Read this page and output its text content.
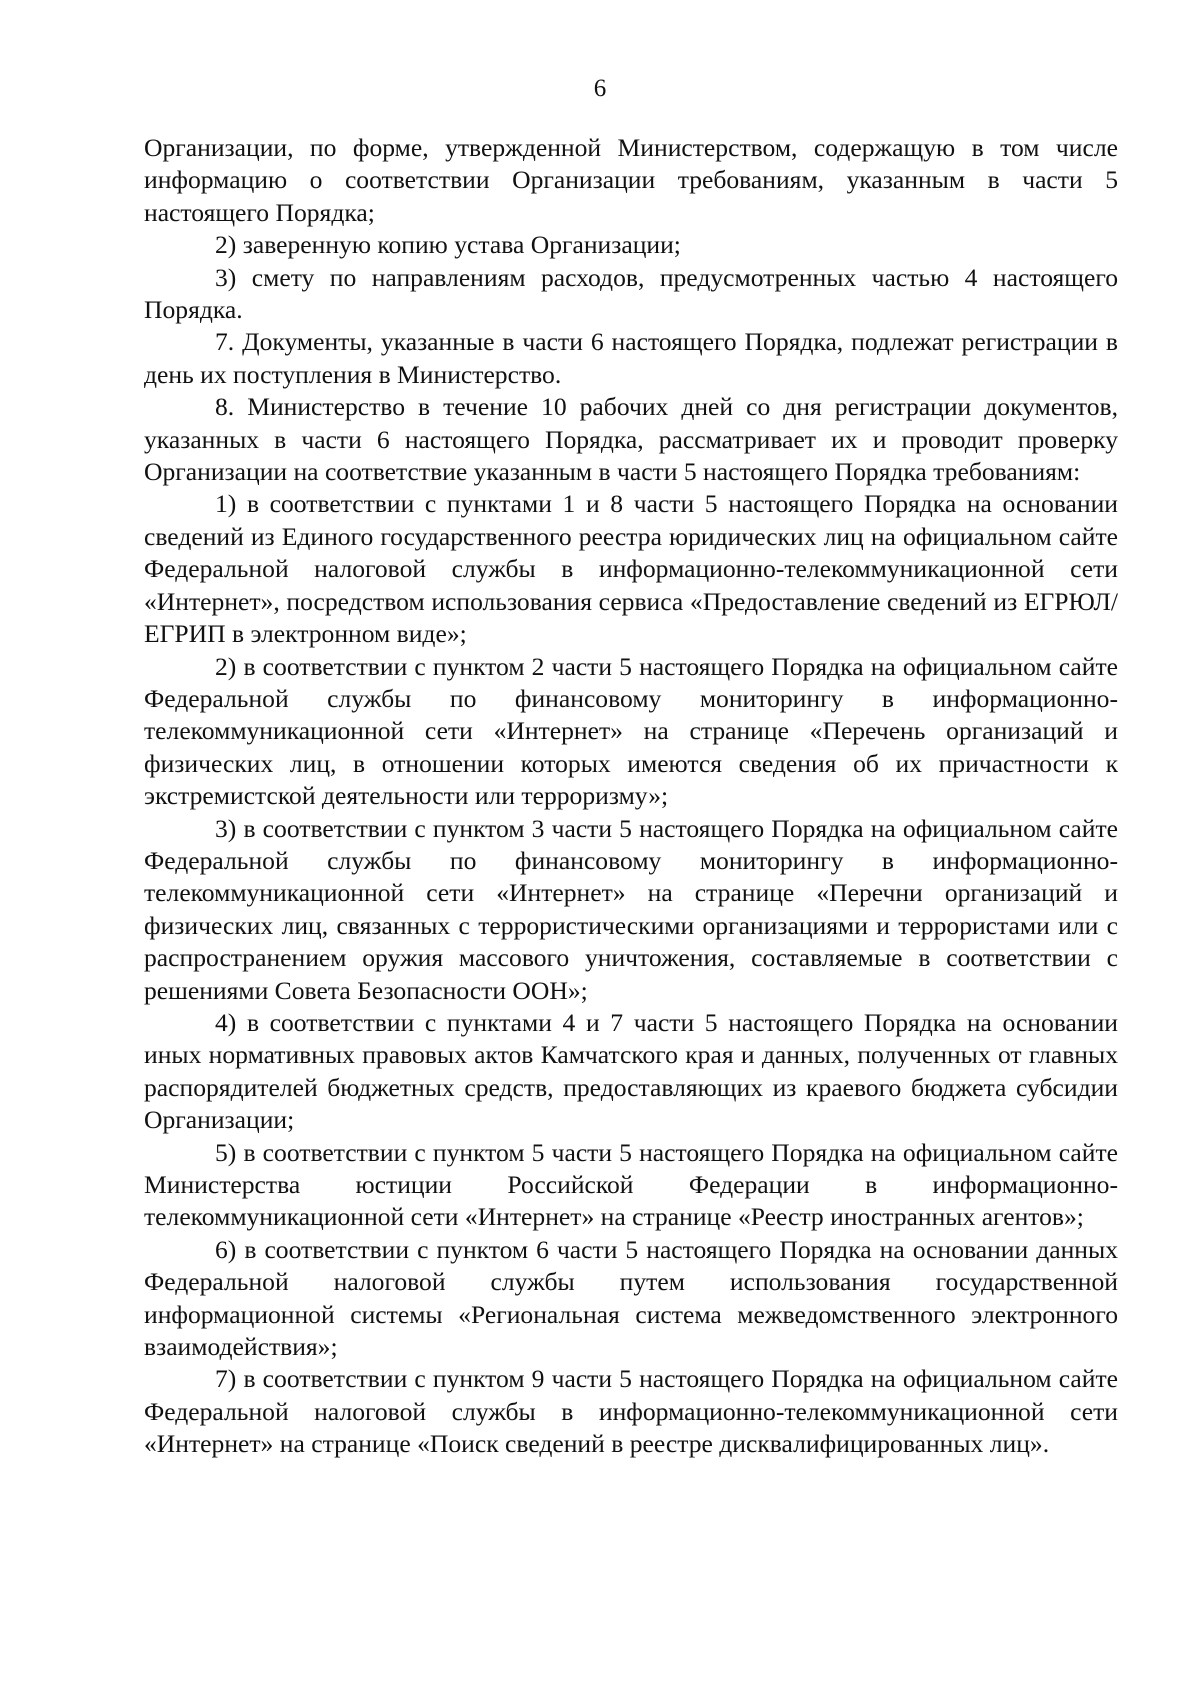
6

Организации, по форме, утвержденной Министерством, содержащую в том числе информацию о соответствии Организации требованиям, указанным в части 5 настоящего Порядка;

2) заверенную копию устава Организации;

3) смету по направлениям расходов, предусмотренных частью 4 настоящего Порядка.

7. Документы, указанные в части 6 настоящего Порядка, подлежат регистрации в день их поступления в Министерство.

8. Министерство в течение 10 рабочих дней со дня регистрации документов, указанных в части 6 настоящего Порядка, рассматривает их и проводит проверку Организации на соответствие указанным в части 5 настоящего Порядка требованиям:

1) в соответствии с пунктами 1 и 8 части 5 настоящего Порядка на основании сведений из Единого государственного реестра юридических лиц на официальном сайте Федеральной налоговой службы в информационно-телекоммуникационной сети «Интернет», посредством использования сервиса «Предоставление сведений из ЕГРЮЛ/ЕГРИП в электронном виде»;

2) в соответствии с пунктом 2 части 5 настоящего Порядка на официальном сайте Федеральной службы по финансовому мониторингу в информационно-телекоммуникационной сети «Интернет» на странице «Перечень организаций и физических лиц, в отношении которых имеются сведения об их причастности к экстремистской деятельности или терроризму»;

3) в соответствии с пунктом 3 части 5 настоящего Порядка на официальном сайте Федеральной службы по финансовому мониторингу в информационно-телекоммуникационной сети «Интернет» на странице «Перечни организаций и физических лиц, связанных с террористическими организациями и террористами или с распространением оружия массового уничтожения, составляемые в соответствии с решениями Совета Безопасности ООН»;

4) в соответствии с пунктами 4 и 7 части 5 настоящего Порядка на основании иных нормативных правовых актов Камчатского края и данных, полученных от главных распорядителей бюджетных средств, предоставляющих из краевого бюджета субсидии Организации;

5) в соответствии с пунктом 5 части 5 настоящего Порядка на официальном сайте Министерства юстиции Российской Федерации в информационно-телекоммуникационной сети «Интернет» на странице «Реестр иностранных агентов»;

6) в соответствии с пунктом 6 части 5 настоящего Порядка на основании данных Федеральной налоговой службы путем использования государственной информационной системы «Региональная система межведомственного электронного взаимодействия»;

7) в соответствии с пунктом 9 части 5 настоящего Порядка на официальном сайте Федеральной налоговой службы в информационно-телекоммуникационной сети «Интернет» на странице «Поиск сведений в реестре дисквалифицированных лиц».
